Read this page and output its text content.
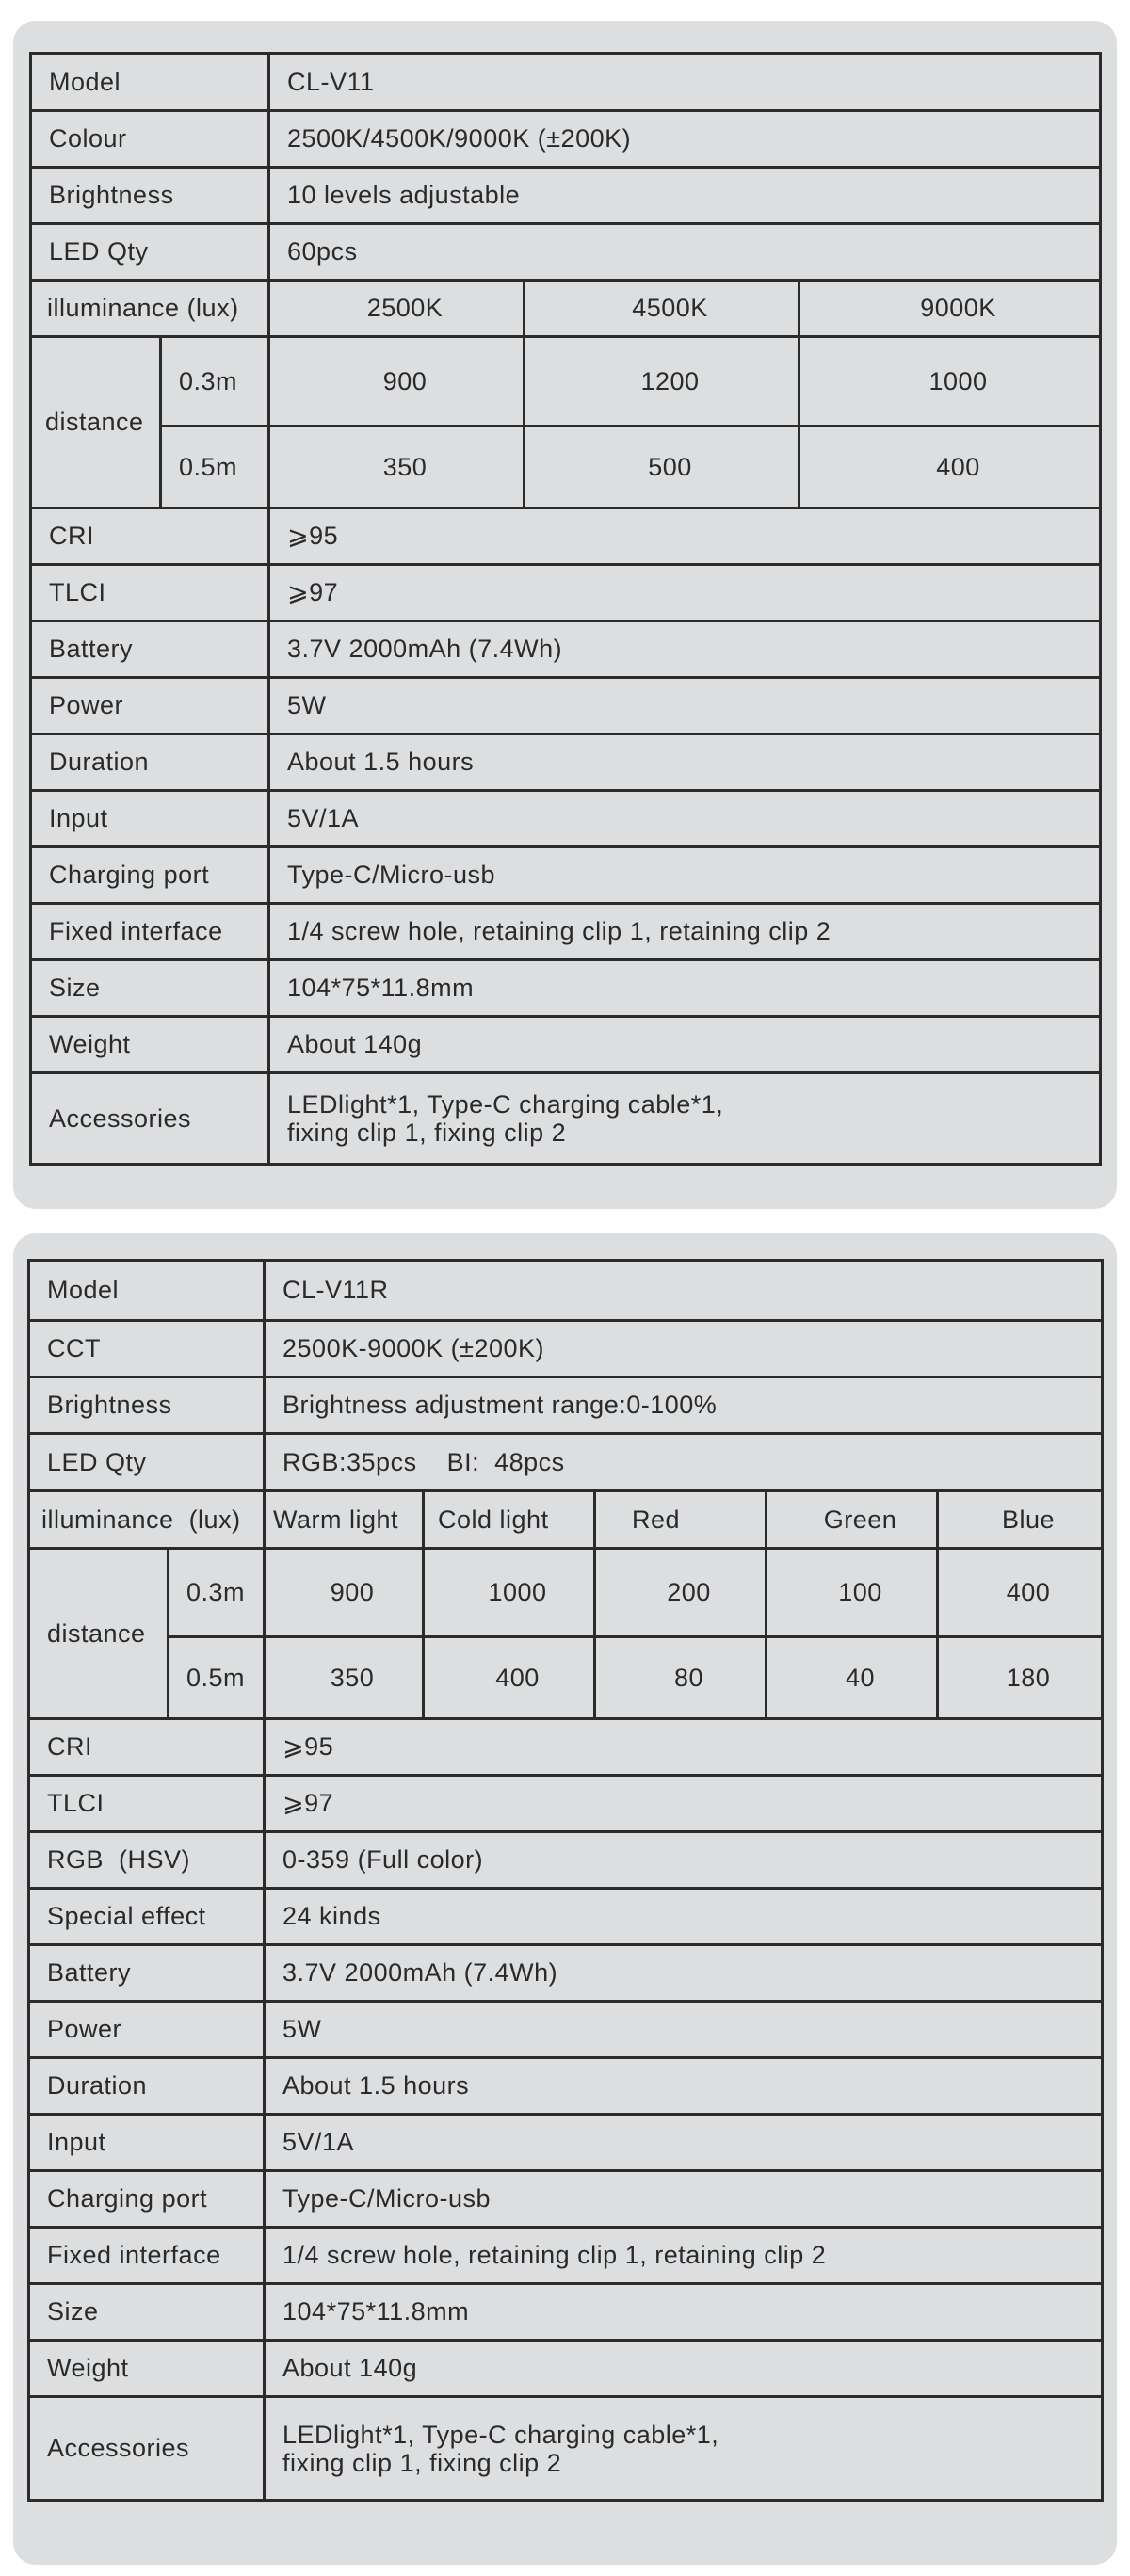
Model		CL-V11		
Colour		2500K/4500K/9000K (±200K)		
Brightness		10 levels adjustable		
LED Qty		60pcs		
illuminance (lux)		2500K	4500K	9000K
distance	0.3m	900	1200	1000
	0.5m	350	500	400
CRI		⩾95		
TLCI		⩾97		
Battery		3.7V 2000mAh (7.4Wh)		
Power		5W		
Duration		About 1.5 hours		
Input		5V/1A		
Charging port		Type-C/Micro-usb		
Fixed interface		1/4 screw hole, retaining clip 1, retaining clip 2		
Size		104*75*11.8mm		
Weight		About 140g		
Accessories		LEDlight*1, Type-C charging cable*1,
fixing clip 1, fixing clip 2		
Model		CL-V11R				
CCT		2500K-9000K (±200K)				
Brightness		Brightness adjustment range:0-100%				
LED Qty		RGB:35pcs    BI:  48pcs				
illuminance  (lux)		Warm light	Cold light	Red	Green	Blue
distance	0.3m	900	1000	200	100	400
	0.5m	350	400	80	40	180
CRI		⩾95				
TLCI		⩾97				
RGB  (HSV)		0-359 (Full color)				
Special effect		24 kinds				
Battery		3.7V 2000mAh (7.4Wh)				
Power		5W				
Duration		About 1.5 hours				
Input		5V/1A				
Charging port		Type-C/Micro-usb				
Fixed interface		1/4 screw hole, retaining clip 1, retaining clip 2				
Size		104*75*11.8mm				
Weight		About 140g				
Accessories		LEDlight*1, Type-C charging cable*1,
fixing clip 1, fixing clip 2				
